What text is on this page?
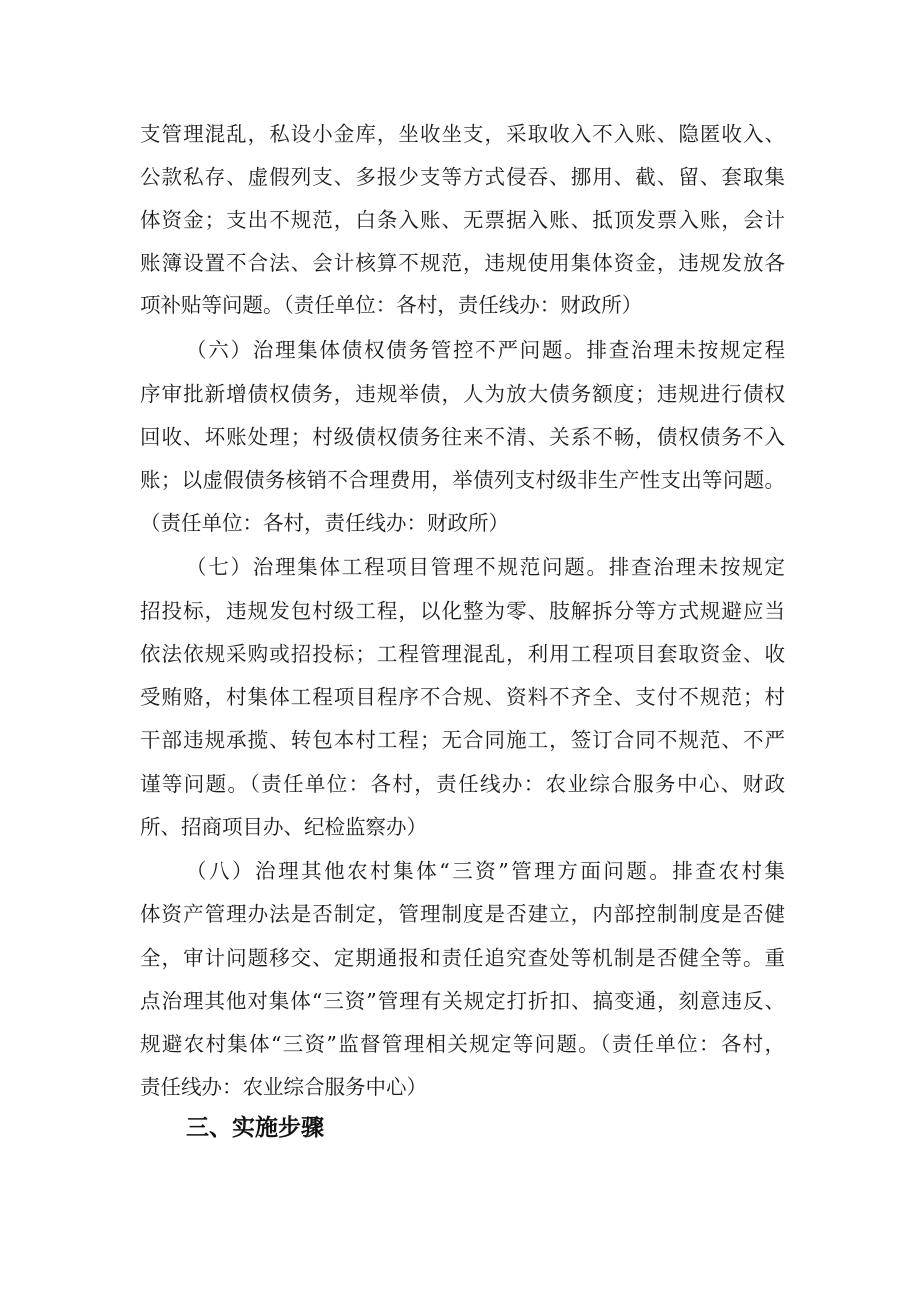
支管理混乱，私设小金库，坐收坐支，采取收入不入账、隐匿收入、
公款私存、虚假列支、多报少支等方式侵吞、挪用、截、留、套取集
体资金；支出不规范，白条入账、无票据入账、抵顶发票入账，会计
账簿设置不合法、会计核算不规范，违规使用集体资金，违规发放各
项补贴等问题。（责任单位：各村，责任线办：财政所）
（六）治理集体债权债务管控不严问题。排查治理未按规定程
序审批新增债权债务，违规举债，人为放大债务额度；违规进行债权
回收、坏账处理；村级债权债务往来不清、关系不畅，债权债务不入
账；以虚假债务核销不合理费用，举债列支村级非生产性支出等问题。
（责任单位：各村，责任线办：财政所）
（七）治理集体工程项目管理不规范问题。排查治理未按规定
招投标，违规发包村级工程，以化整为零、肢解拆分等方式规避应当
依法依规采购或招投标；工程管理混乱，利用工程项目套取资金、收
受贿赂，村集体工程项目程序不合规、资料不齐全、支付不规范；村
干部违规承揽、转包本村工程；无合同施工，签订合同不规范、不严
谨等问题。（责任单位：各村，责任线办：农业综合服务中心、财政
所、招商项目办、纪检监察办）
（八）治理其他农村集体“三资”管理方面问题。排查农村集
体资产管理办法是否制定，管理制度是否建立，内部控制制度是否健
全，审计问题移交、定期通报和责任追究查处等机制是否健全等。重
点治理其他对集体“三资”管理有关规定打折扣、搞变通，刻意违反、
规避农村集体“三资”监督管理相关规定等问题。（责任单位：各村，
责任线办：农业综合服务中心）
三、实施步骤
